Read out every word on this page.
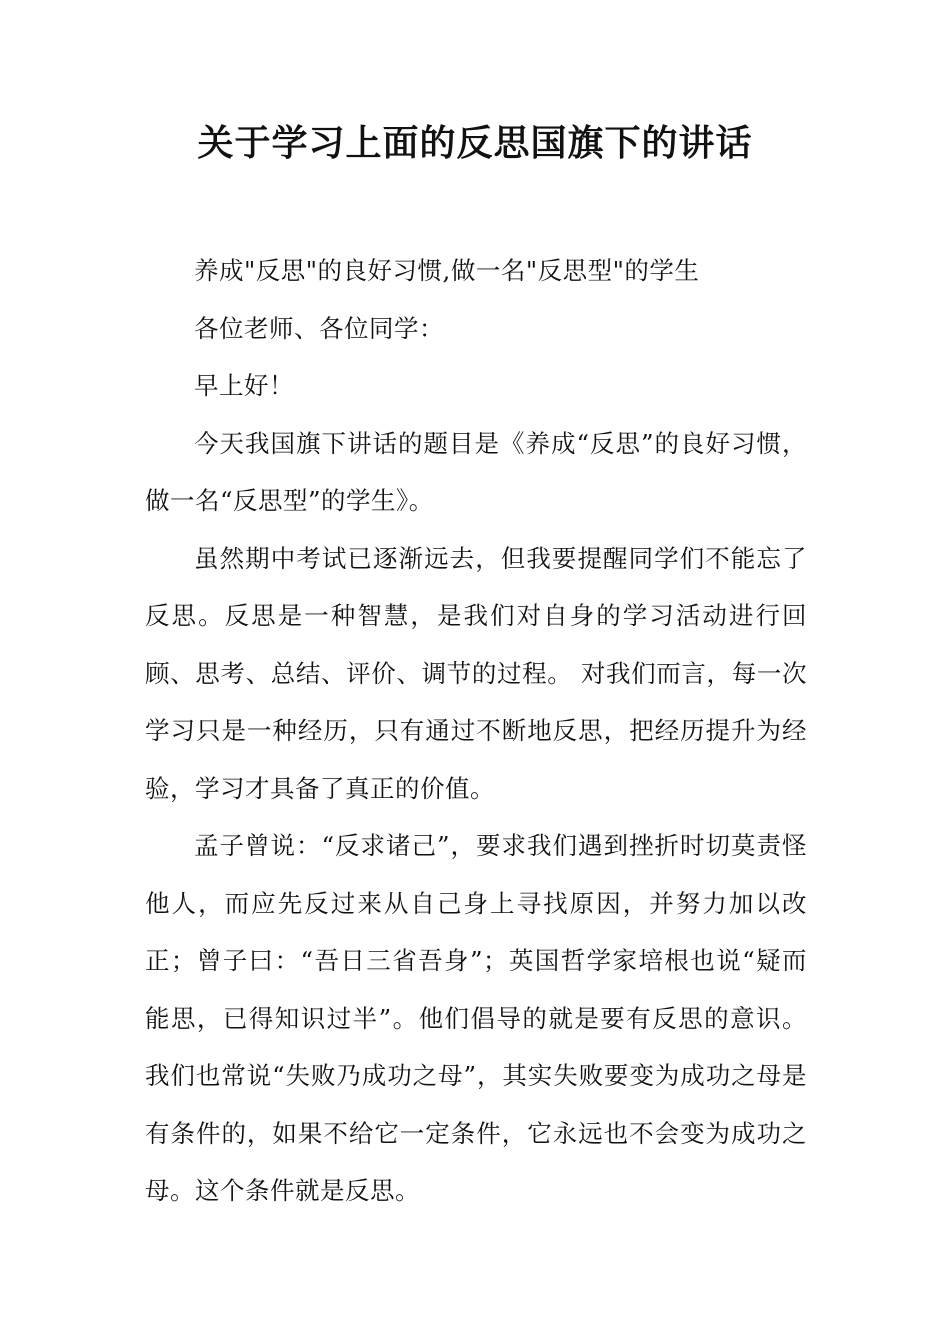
关于学习上面的反思国旗下的讲话

养成"反思"的良好习惯,做一名"反思型"的学生

各位老师、各位同学：

早上好！

今天我国旗下讲话的题目是《养成“反思”的良好习惯，做一名“反思型”的学生》。

虽然期中考试已逐渐远去，但我要提醒同学们不能忘了反思。反思是一种智慧，是我们对自身的学习活动进行回顾、思考、总结、评价、调节的过程。 对我们而言，每一次学习只是一种经历，只有通过不断地反思，把经历提升为经验，学习才具备了真正的价值。

孟子曾说：“反求诸己”，要求我们遇到挫折时切莫责怪他人，而应先反过来从自己身上寻找原因，并努力加以改正；曾子曰：“吾日三省吾身”；英国哲学家培根也说“疑而能思，已得知识过半”。他们倡导的就是要有反思的意识。我们也常说“失败乃成功之母”，其实失败要变为成功之母是有条件的，如果不给它一定条件，它永远也不会变为成功之母。这个条件就是反思。
